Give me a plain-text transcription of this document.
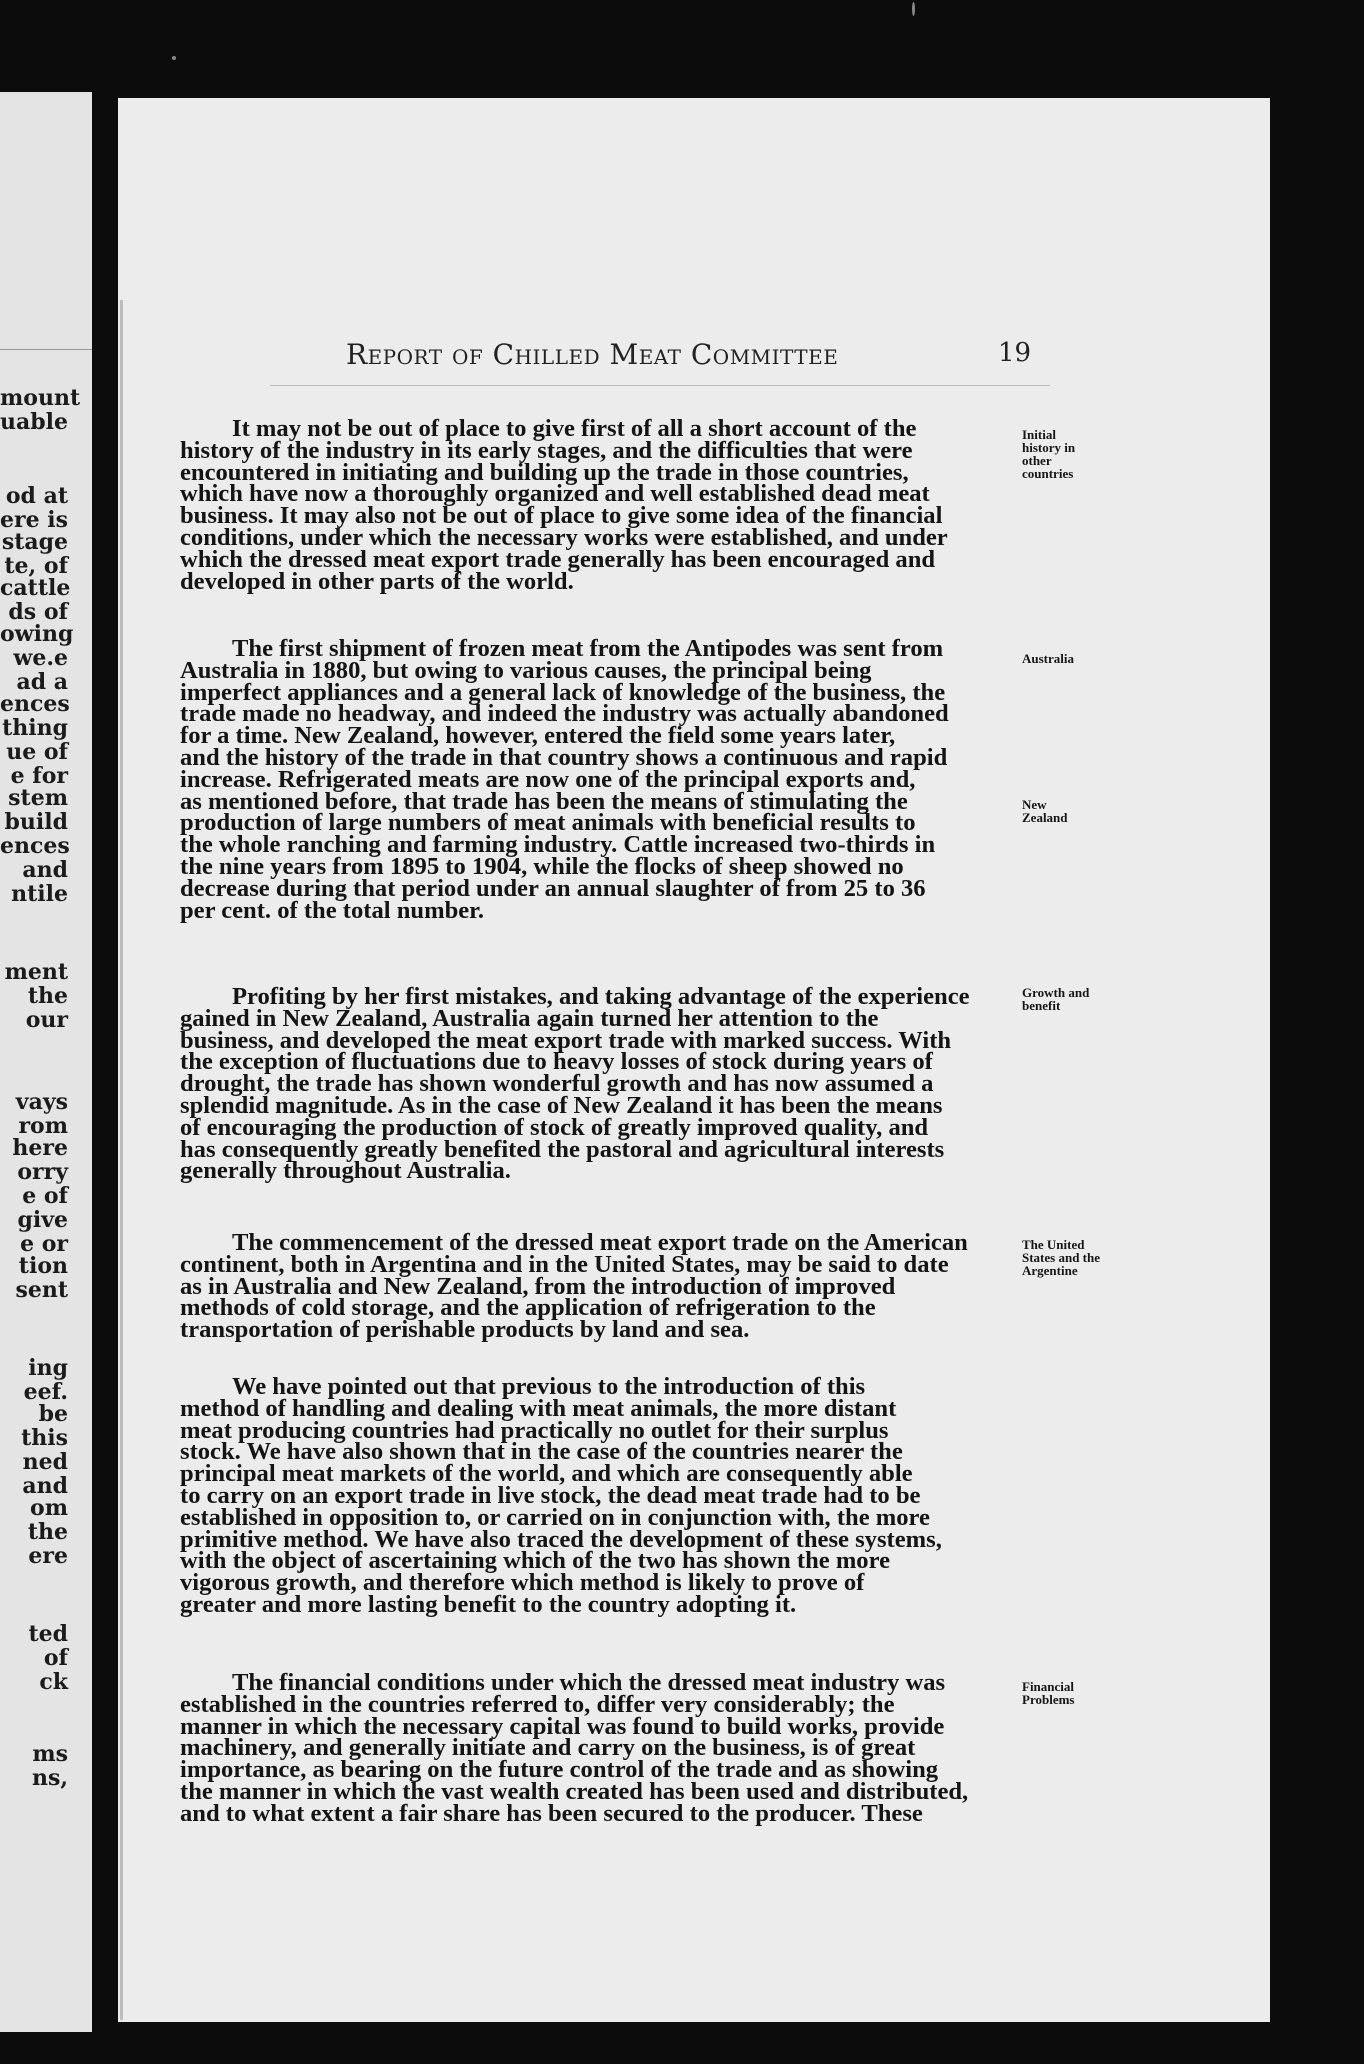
mount
uable
od at
ere is
stage
te, of
cattle
ds of
owing
we.e
ad a
ences
thing
ue of
e for
stem
build
ences
and
ntile
ment
the
our
vays
rom
here
orry
e of
give
e or
tion
sent
ing
eef.
be
this
ned
and
om
the
ere
ted
of
ck
ms
ns,
Report of Chilled Meat Committee	19
It may not be out of place to give first of all a short account of the
history of the industry in its early stages, and the difficulties that were
encountered in initiating and building up the trade in those countries,
which have now a thoroughly organized and well established dead meat
business. It may also not be out of place to give some idea of the financial
conditions, under which the necessary works were established, and under
which the dressed meat export trade generally has been encouraged and
developed in other parts of the world.
Initial history in other countries
The first shipment of frozen meat from the Antipodes was sent from
Australia in 1880, but owing to various causes, the principal being
imperfect appliances and a general lack of knowledge of the business, the
trade made no headway, and indeed the industry was actually abandoned
for a time. New Zealand, however, entered the field some years later,
and the history of the trade in that country shows a continuous and rapid
increase. Refrigerated meats are now one of the principal exports and,
as mentioned before, that trade has been the means of stimulating the
production of large numbers of meat animals with beneficial results to
the whole ranching and farming industry. Cattle increased two-thirds in
the nine years from 1895 to 1904, while the flocks of sheep showed no
decrease during that period under an annual slaughter of from 25 to 36
per cent. of the total number.
Australia
New Zealand
Profiting by her first mistakes, and taking advantage of the experience
gained in New Zealand, Australia again turned her attention to the
business, and developed the meat export trade with marked success. With
the exception of fluctuations due to heavy losses of stock during years of
drought, the trade has shown wonderful growth and has now assumed a
splendid magnitude. As in the case of New Zealand it has been the means
of encouraging the production of stock of greatly improved quality, and
has consequently greatly benefited the pastoral and agricultural interests
generally throughout Australia.
Growth and benefit
The commencement of the dressed meat export trade on the American
continent, both in Argentina and in the United States, may be said to date
as in Australia and New Zealand, from the introduction of improved
methods of cold storage, and the application of refrigeration to the
transportation of perishable products by land and sea.
The United States and the Argentine
We have pointed out that previous to the introduction of this
method of handling and dealing with meat animals, the more distant
meat producing countries had practically no outlet for their surplus
stock. We have also shown that in the case of the countries nearer the
principal meat markets of the world, and which are consequently able
to carry on an export trade in live stock, the dead meat trade had to be
established in opposition to, or carried on in conjunction with, the more
primitive method. We have also traced the development of these systems,
with the object of ascertaining which of the two has shown the more
vigorous growth, and therefore which method is likely to prove of
greater and more lasting benefit to the country adopting it.
The financial conditions under which the dressed meat industry was
established in the countries referred to, differ very considerably; the
manner in which the necessary capital was found to build works, provide
machinery, and generally initiate and carry on the business, is of great
importance, as bearing on the future control of the trade and as showing
the manner in which the vast wealth created has been used and distributed,
and to what extent a fair share has been secured to the producer. These
Financial Problems
